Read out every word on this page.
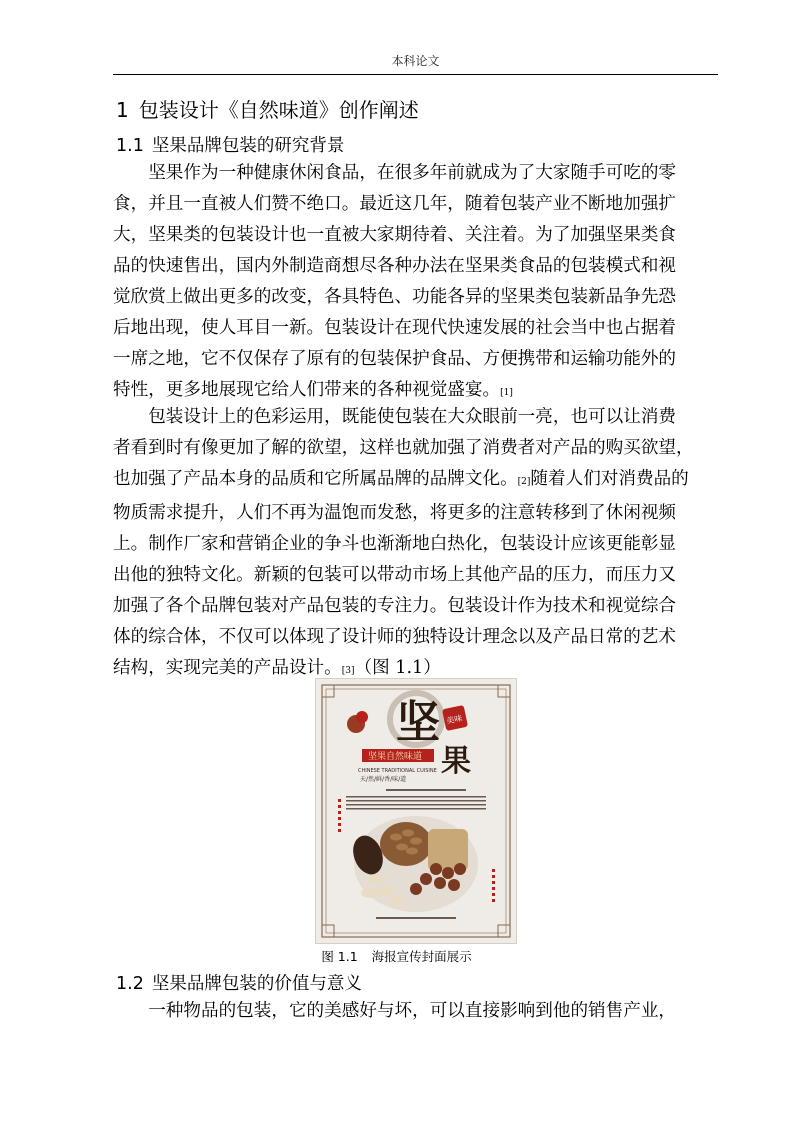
本科论文
1 包装设计《自然味道》创作阐述
1.1 坚果品牌包装的研究背景
坚果作为一种健康休闲食品，在很多年前就成为了大家随手可吃的零
食，并且一直被人们赞不绝口。最近这几年，随着包装产业不断地加强扩
大，坚果类的包装设计也一直被大家期待着、关注着。为了加强坚果类食
品的快速售出，国内外制造商想尽各种办法在坚果类食品的包装模式和视
觉欣赏上做出更多的改变，各具特色、功能各异的坚果类包装新品争先恐
后地出现，使人耳目一新。包装设计在现代快速发展的社会当中也占据着
一席之地，它不仅保存了原有的包装保护食品、方便携带和运输功能外的
特性，更多地展现它给人们带来的各种视觉盛宴。[1]
包装设计上的色彩运用，既能使包装在大众眼前一亮，也可以让消费
者看到时有像更加了解的欲望，这样也就加强了消费者对产品的购买欲望，
也加强了产品本身的品质和它所属品牌的品牌文化。[2]随着人们对消费品的
物质需求提升，人们不再为温饱而发愁，将更多的注意转移到了休闲视频
上。制作厂家和营销企业的争斗也渐渐地白热化，包装设计应该更能彰显
出他的独特文化。新颖的包装可以带动市场上其他产品的压力，而压力又
加强了各个品牌包装对产品包装的专注力。包装设计作为技术和视觉综合
体的综合体，不仅可以体现了设计师的独特设计理念以及产品日常的艺术
结构，实现完美的产品设计。[3]（图 1.1）
坚
果
美味
坚果自然味道
CHINESE TRADITIONAL CUISINE
天/然/鲜/香/味/道
图 1.1 海报宣传封面展示
1.2 坚果品牌包装的价值与意义
一种物品的包装，它的美感好与坏，可以直接影响到他的销售产业，
